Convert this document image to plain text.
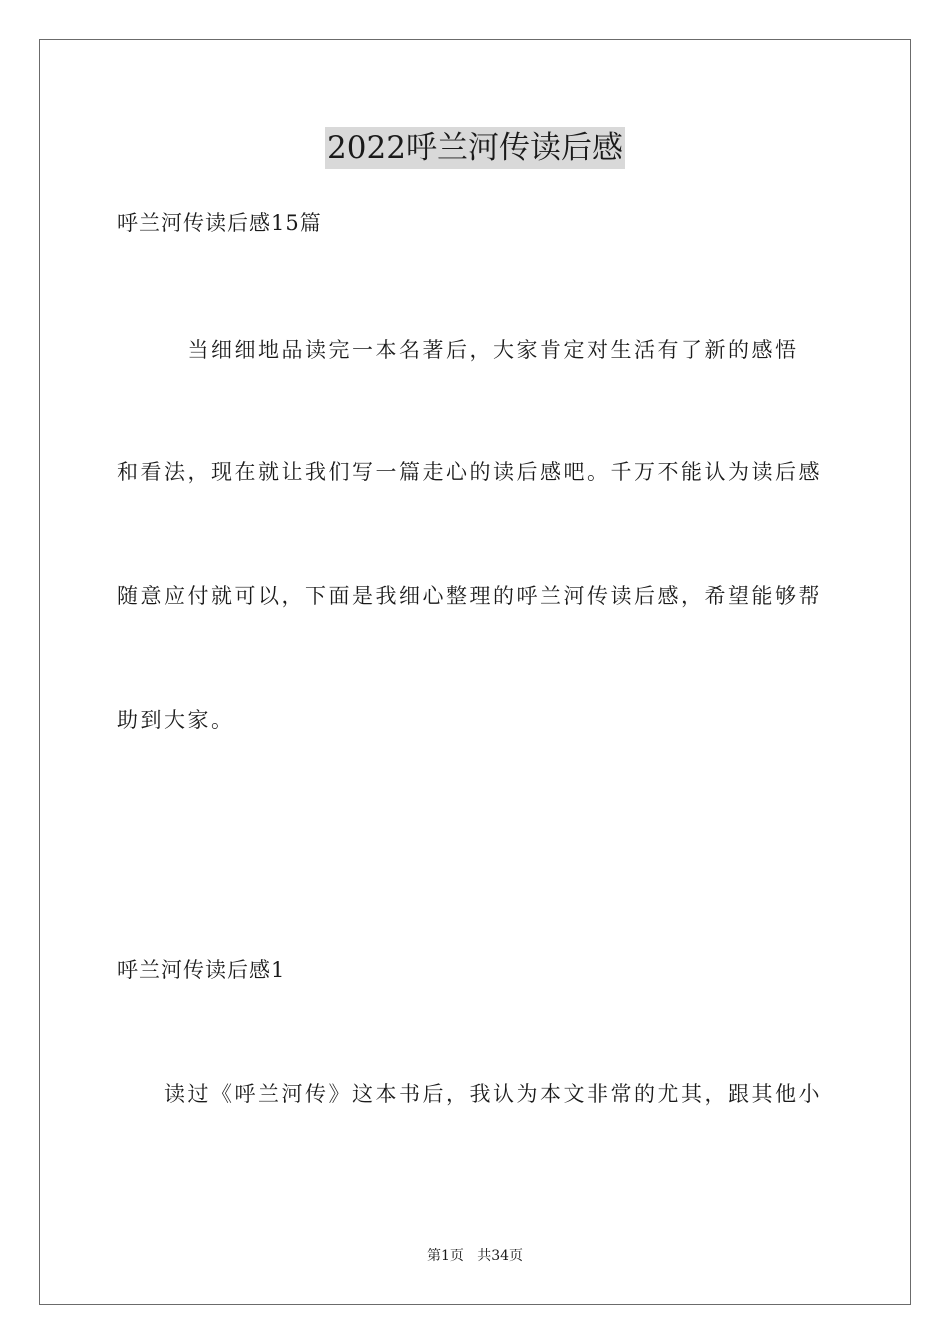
2022呼兰河传读后感
呼兰河传读后感15篇
　　　当细细地品读完一本名著后，大家肯定对生活有了新的感悟
和看法，现在就让我们写一篇走心的读后感吧。千万不能认为读后感
随意应付就可以，下面是我细心整理的呼兰河传读后感，希望能够帮
助到大家。
呼兰河传读后感1
　　读过《呼兰河传》这本书后，我认为本文非常的尤其，跟其他小
第1页   共34页
